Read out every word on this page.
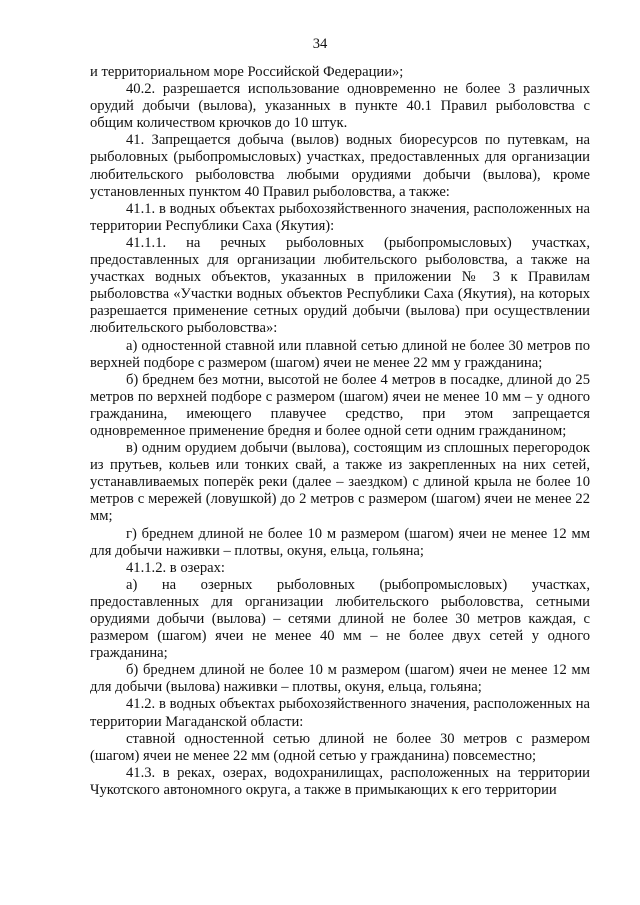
34

и территориальном море Российской Федерации»;

40.2. разрешается использование одновременно не более 3 различных орудий добычи (вылова), указанных в пункте 40.1 Правил рыболовства с общим количеством крючков до 10 штук.

41. Запрещается добыча (вылов) водных биоресурсов по путевкам, на рыболовных (рыбопромысловых) участках, предоставленных для организации любительского рыболовства любыми орудиями добычи (вылова), кроме установленных пунктом 40 Правил рыболовства, а также:

41.1. в водных объектах рыбохозяйственного значения, расположенных на территории Республики Саха (Якутия):

41.1.1. на речных рыболовных (рыбопромысловых) участках, предоставленных для организации любительского рыболовства, а также на участках водных объектов, указанных в приложении № 3 к Правилам рыболовства «Участки водных объектов Республики Саха (Якутия), на которых разрешается применение сетных орудий добычи (вылова) при осуществлении любительского рыболовства»:

а) одностенной ставной или плавной сетью длиной не более 30 метров по верхней подборе с размером (шагом) ячеи не менее 22 мм у гражданина;

б) бреднем без мотни, высотой не более 4 метров в посадке, длиной до 25 метров по верхней подборе с размером (шагом) ячеи не менее 10 мм – у одного гражданина, имеющего плавучее средство, при этом запрещается одновременное применение бредня и более одной сети одним гражданином;

в) одним орудием добычи (вылова), состоящим из сплошных перегородок из прутьев, кольев или тонких свай, а также из закрепленных на них сетей, устанавливаемых поперёк реки (далее – заездком) с длиной крыла не более 10 метров с мережей (ловушкой) до 2 метров с размером (шагом) ячеи не менее 22 мм;

г) бреднем длиной не более 10 м размером (шагом) ячеи не менее 12 мм для добычи наживки – плотвы, окуня, ельца, гольяна;

41.1.2. в озерах:

а) на озерных рыболовных (рыбопромысловых) участках, предоставленных для организации любительского рыболовства, сетными орудиями добычи (вылова) – сетями длиной не более 30 метров каждая, с размером (шагом) ячеи не менее 40 мм – не более двух сетей у одного гражданина;

б) бреднем длиной не более 10 м размером (шагом) ячеи не менее 12 мм для добычи (вылова) наживки – плотвы, окуня, ельца, гольяна;

41.2. в водных объектах рыбохозяйственного значения, расположенных на территории Магаданской области:

ставной одностенной сетью длиной не более 30 метров с размером (шагом) ячеи не менее 22 мм (одной сетью у гражданина) повсеместно;

41.3. в реках, озерах, водохранилищах, расположенных на территории Чукотского автономного округа, а также в примыкающих к его территории
